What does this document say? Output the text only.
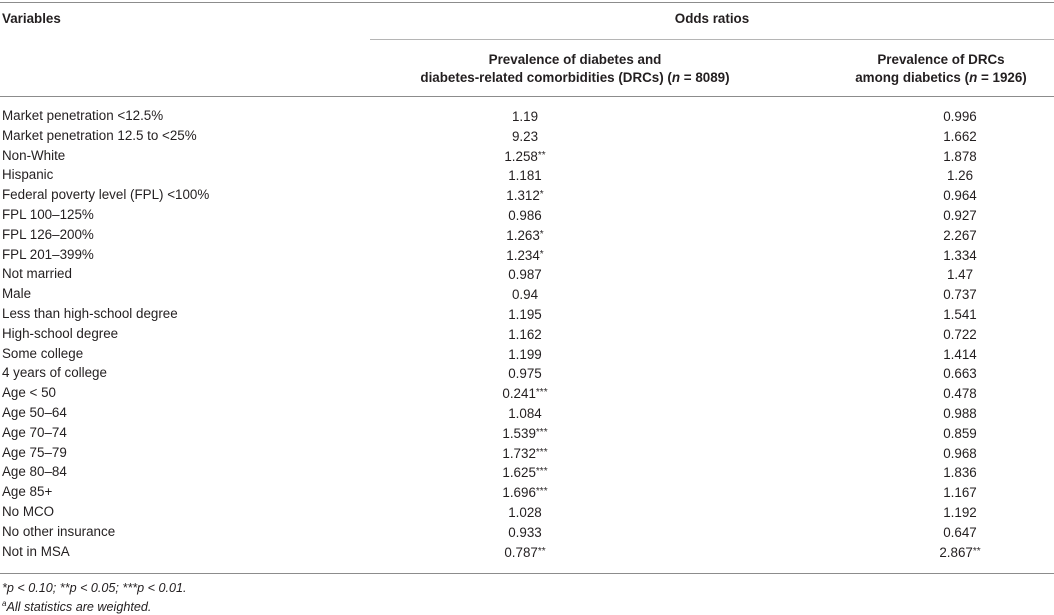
Variables	Odds ratios
Prevalence of diabetes and
diabetes-related comorbidities (DRCs) (n = 8089)
Prevalence of DRCs
among diabetics (n = 1926)
Market penetration <12.5%	1.19	0.996
Market penetration 12.5 to <25%	9.23	1.662
Non-White	1.258**	1.878
Hispanic	1.181	1.26
Federal poverty level (FPL) <100%	1.312*	0.964
FPL 100–125%	0.986	0.927
FPL 126–200%	1.263*	2.267
FPL 201–399%	1.234*	1.334
Not married	0.987	1.47
Male	0.94	0.737
Less than high-school degree	1.195	1.541
High-school degree	1.162	0.722
Some college	1.199	1.414
4 years of college	0.975	0.663
Age < 50	0.241***	0.478
Age 50–64	1.084	0.988
Age 70–74	1.539***	0.859
Age 75–79	1.732***	0.968
Age 80–84	1.625***	1.836
Age 85+	1.696***	1.167
No MCO	1.028	1.192
No other insurance	0.933	0.647
Not in MSA	0.787**	2.867**
*p < 0.10; **p < 0.05; ***p < 0.01.
$^a$All statistics are weighted.
